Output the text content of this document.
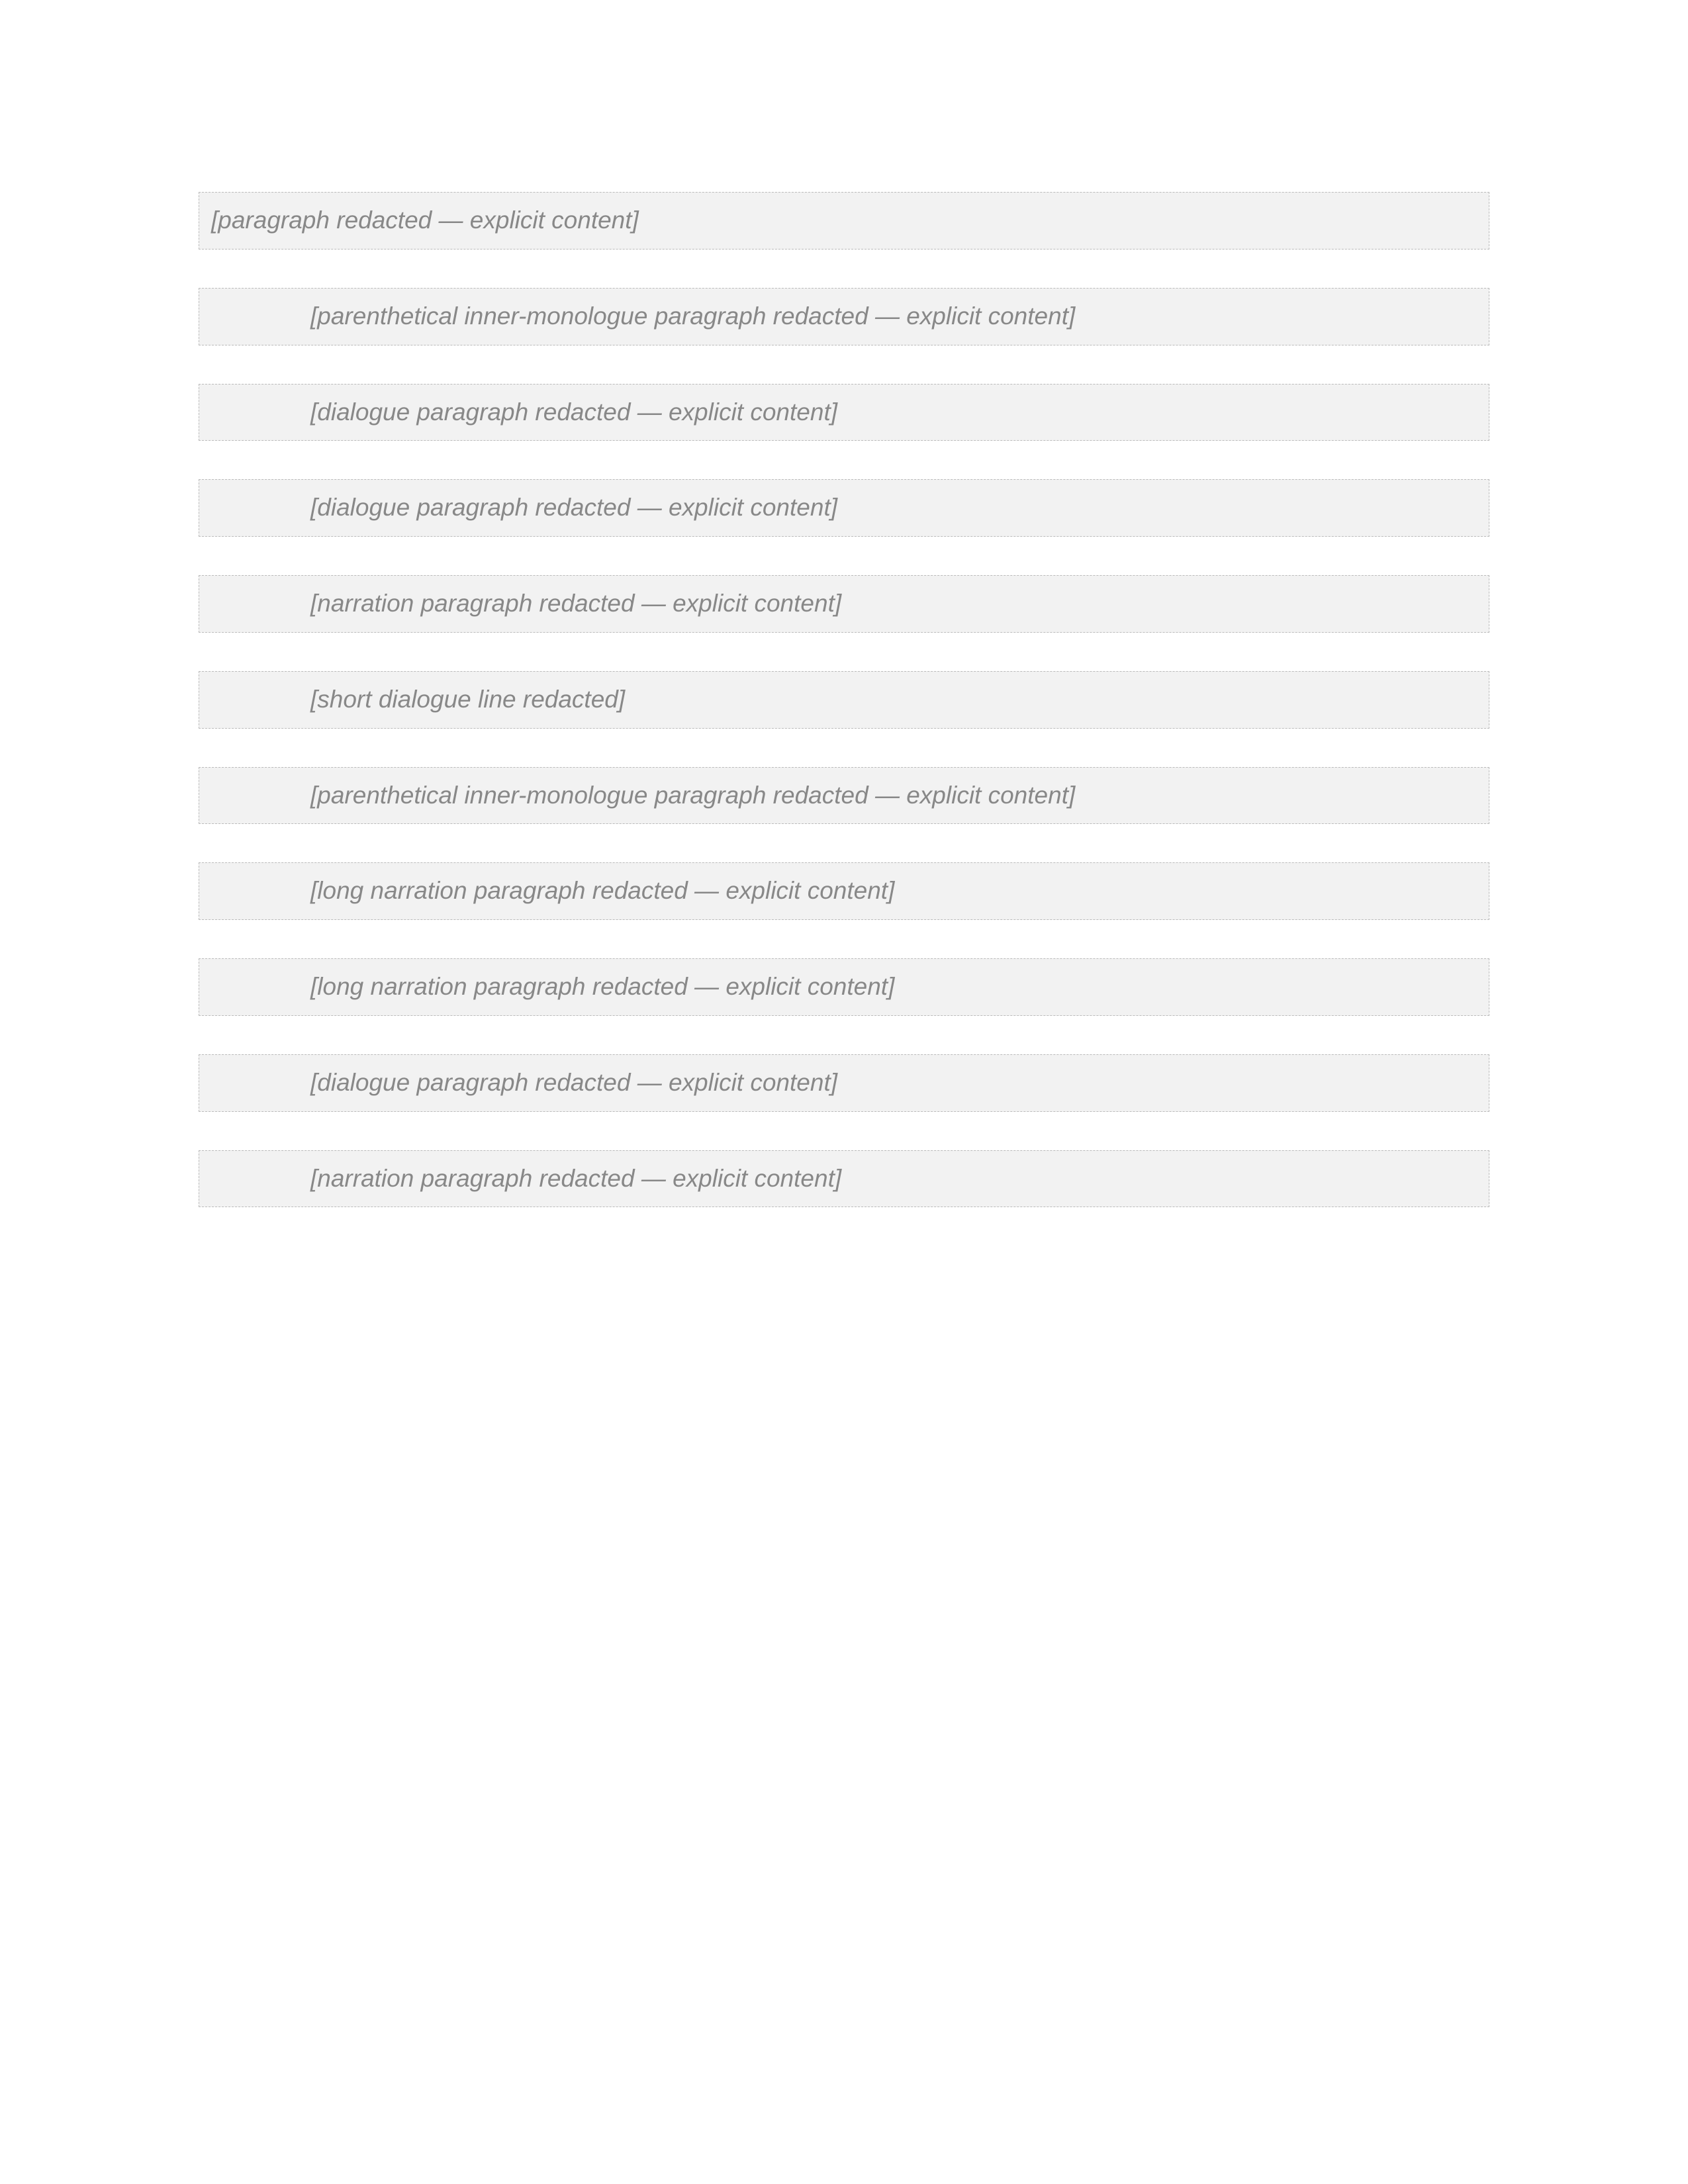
[paragraph redacted — explicit content]

[parenthetical inner-monologue paragraph redacted — explicit content]

[dialogue paragraph redacted — explicit content]

[dialogue paragraph redacted — explicit content]

[narration paragraph redacted — explicit content]

[short dialogue line redacted]

[parenthetical inner-monologue paragraph redacted — explicit content]

[long narration paragraph redacted — explicit content]

[long narration paragraph redacted — explicit content]

[dialogue paragraph redacted — explicit content]

[narration paragraph redacted — explicit content]
